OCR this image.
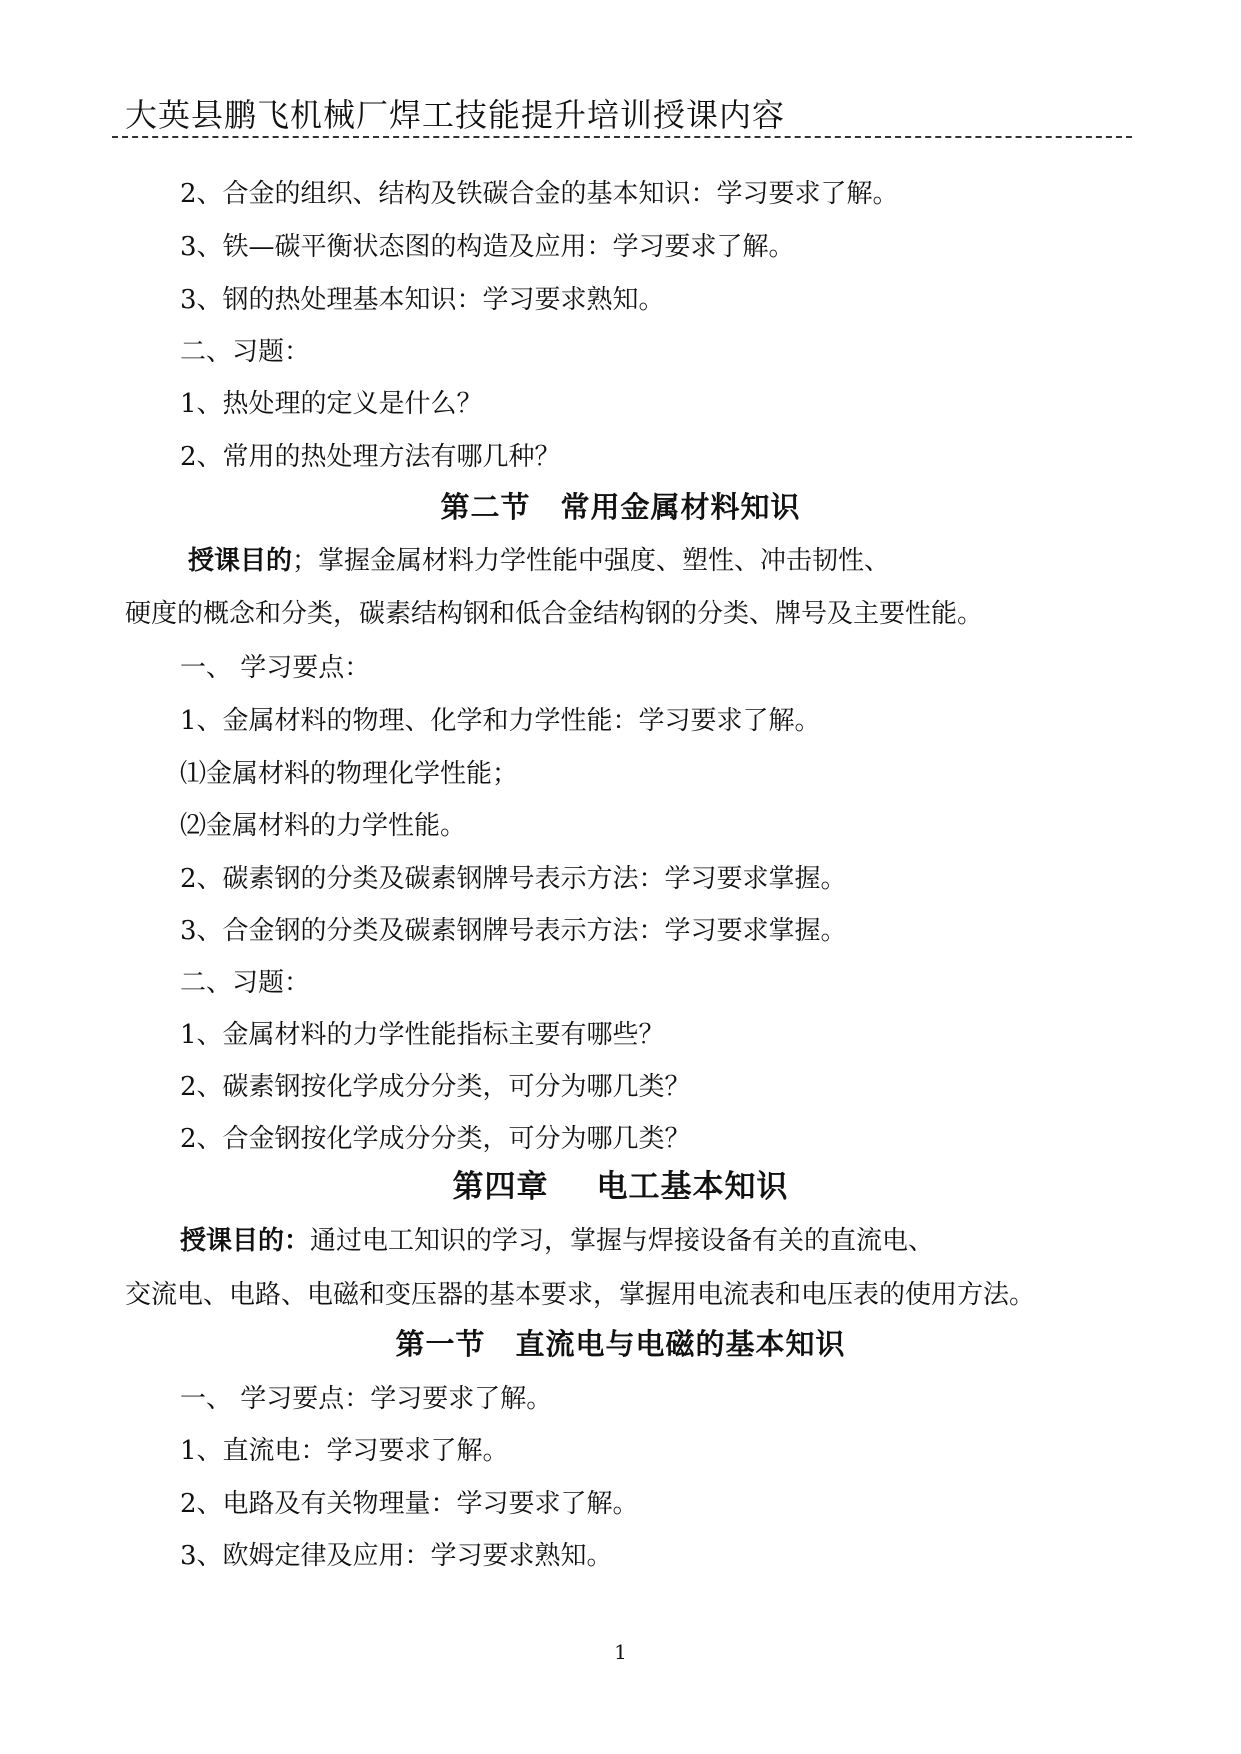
大英县鹏飞机械厂焊工技能提升培训授课内容
2、合金的组织、结构及铁碳合金的基本知识：学习要求了解。
3、铁—碳平衡状态图的构造及应用：学习要求了解。
3、钢的热处理基本知识：学习要求熟知。
二、习题：
1、热处理的定义是什么？
2、常用的热处理方法有哪几种？
第二节 常用金属材料知识
授课目的；掌握金属材料力学性能中强度、塑性、冲击韧性、
硬度的概念和分类，碳素结构钢和低合金结构钢的分类、牌号及主要性能。
一、 学习要点：
1、金属材料的物理、化学和力学性能：学习要求了解。
⑴金属材料的物理化学性能；
⑵金属材料的力学性能。
2、碳素钢的分类及碳素钢牌号表示方法：学习要求掌握。
3、合金钢的分类及碳素钢牌号表示方法：学习要求掌握。
二、习题：
1、金属材料的力学性能指标主要有哪些？
2、碳素钢按化学成分分类，可分为哪几类？
2、合金钢按化学成分分类，可分为哪几类？
第四章 电工基本知识
授课目的：通过电工知识的学习，掌握与焊接设备有关的直流电、
交流电、电路、电磁和变压器的基本要求，掌握用电流表和电压表的使用方法。
第一节 直流电与电磁的基本知识
一、 学习要点：学习要求了解。
1、直流电：学习要求了解。
2、电路及有关物理量：学习要求了解。
3、欧姆定律及应用：学习要求熟知。
1
